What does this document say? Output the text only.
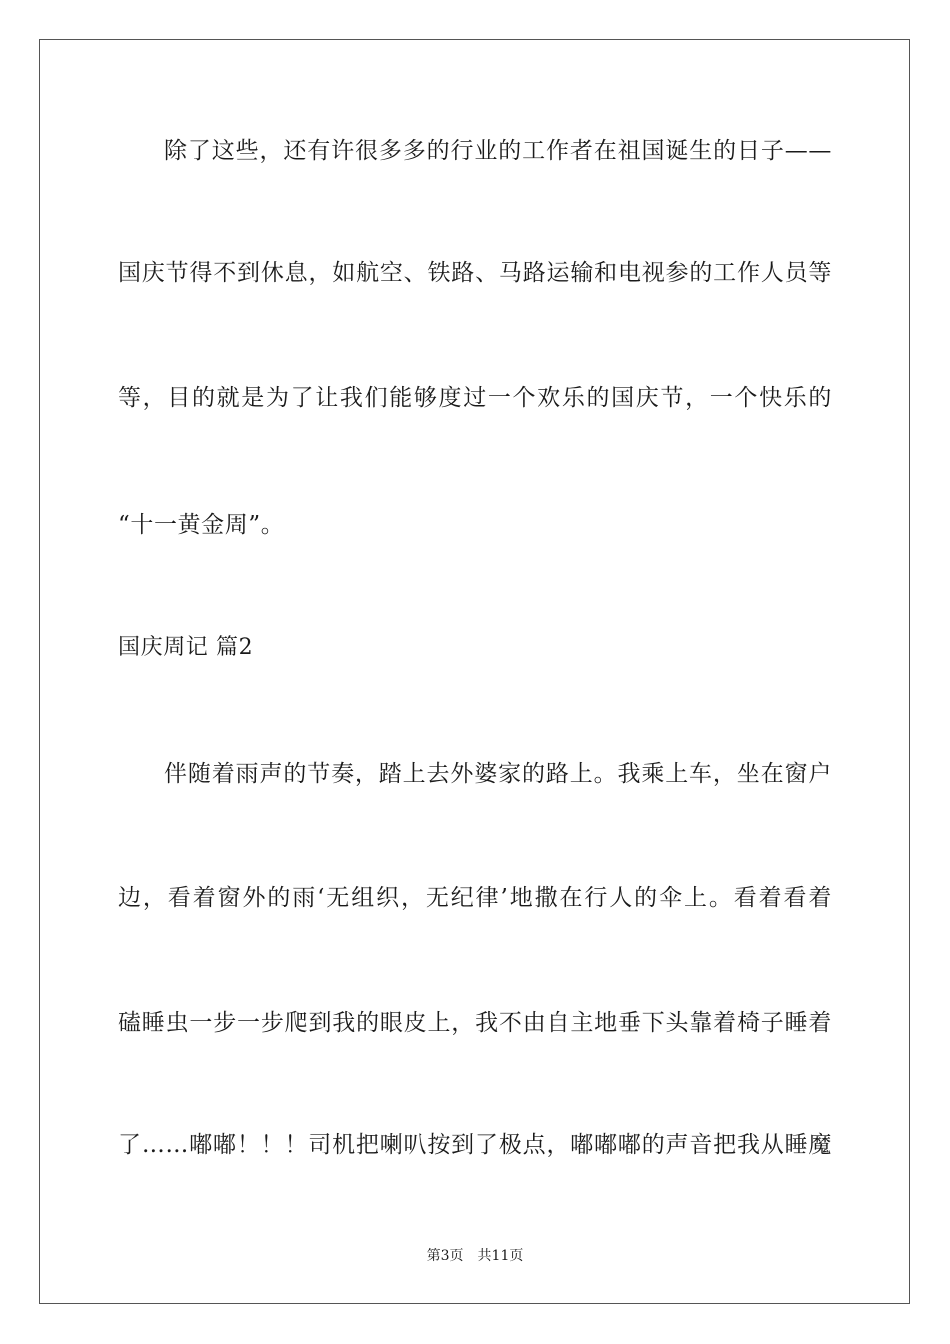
除了这些，还有许很多多的行业的工作者在祖国诞生的日子——
国庆节得不到休息，如航空、铁路、马路运输和电视参的工作人员等
等，目的就是为了让我们能够度过一个欢乐的国庆节，一个快乐的
“十一黄金周”。
国庆周记 篇2
伴随着雨声的节奏，踏上去外婆家的路上。我乘上车，坐在窗户
边，看着窗外的雨‘无组织，无纪律’地撒在行人的伞上。看着看着
磕睡虫一步一步爬到我的眼皮上，我不由自主地垂下头靠着椅子睡着
了……嘟嘟！！！司机把喇叭按到了极点，嘟嘟嘟的声音把我从睡魔
第3页 共11页
